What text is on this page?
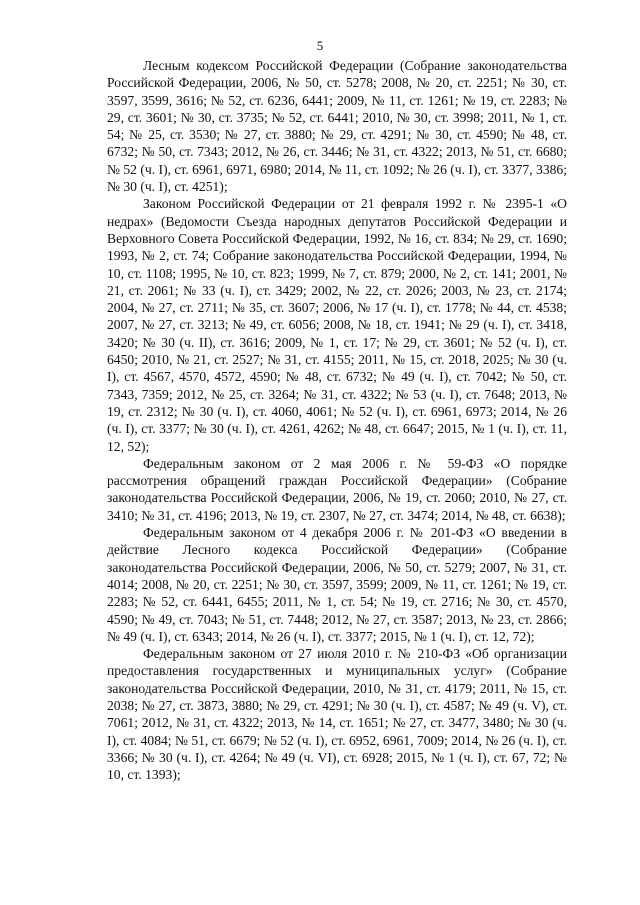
5

Лесным кодексом Российской Федерации (Собрание законодательства Российской Федерации, 2006, № 50, ст. 5278; 2008, № 20, ст. 2251; № 30, ст. 3597, 3599, 3616; № 52, ст. 6236, 6441; 2009, № 11, ст. 1261; № 19, ст. 2283; № 29, ст. 3601; № 30, ст. 3735; № 52, ст. 6441; 2010, № 30, ст. 3998; 2011, № 1, ст. 54; № 25, ст. 3530; № 27, ст. 3880; № 29, ст. 4291; № 30, ст. 4590; № 48, ст. 6732; № 50, ст. 7343; 2012, № 26, ст. 3446; № 31, ст. 4322; 2013, № 51, ст. 6680; № 52 (ч. I), ст. 6961, 6971, 6980; 2014, № 11, ст. 1092; № 26 (ч. I), ст. 3377, 3386; № 30 (ч. I), ст. 4251);

Законом Российской Федерации от 21 февраля 1992 г. № 2395-1 «О недрах» (Ведомости Съезда народных депутатов Российской Федерации и Верховного Совета Российской Федерации, 1992, № 16, ст. 834; № 29, ст. 1690; 1993, № 2, ст. 74; Собрание законодательства Российской Федерации, 1994, № 10, ст. 1108; 1995, № 10, ст. 823; 1999, № 7, ст. 879; 2000, № 2, ст. 141; 2001, № 21, ст. 2061; № 33 (ч. I), ст. 3429; 2002, № 22, ст. 2026; 2003, № 23, ст. 2174; 2004, № 27, ст. 2711; № 35, ст. 3607; 2006, № 17 (ч. I), ст. 1778; № 44, ст. 4538; 2007, № 27, ст. 3213; № 49, ст. 6056; 2008, № 18, ст. 1941; № 29 (ч. I), ст. 3418, 3420; № 30 (ч. II), ст. 3616; 2009, № 1, ст. 17; № 29, ст. 3601; № 52 (ч. I), ст. 6450; 2010, № 21, ст. 2527; № 31, ст. 4155; 2011, № 15, ст. 2018, 2025; № 30 (ч. I), ст. 4567, 4570, 4572, 4590; № 48, ст. 6732; № 49 (ч. I), ст. 7042; № 50, ст. 7343, 7359; 2012, № 25, ст. 3264; № 31, ст. 4322; № 53 (ч. I), ст. 7648; 2013, № 19, ст. 2312; № 30 (ч. I), ст. 4060, 4061; № 52 (ч. I), ст. 6961, 6973; 2014, № 26 (ч. I), ст. 3377; № 30 (ч. I), ст. 4261, 4262; № 48, ст. 6647; 2015, № 1 (ч. I), ст. 11, 12, 52);

Федеральным законом от 2 мая 2006 г. № 59-ФЗ «О порядке рассмотрения обращений граждан Российской Федерации» (Собрание законодательства Российской Федерации, 2006, № 19, ст. 2060; 2010, № 27, ст. 3410; № 31, ст. 4196; 2013, № 19, ст. 2307, № 27, ст. 3474; 2014, № 48, ст. 6638);

Федеральным законом от 4 декабря 2006 г. № 201-ФЗ «О введении в действие Лесного кодекса Российской Федерации» (Собрание законодательства Российской Федерации, 2006, № 50, ст. 5279; 2007, № 31, ст. 4014; 2008, № 20, ст. 2251; № 30, ст. 3597, 3599; 2009, № 11, ст. 1261; № 19, ст. 2283; № 52, ст. 6441, 6455; 2011, № 1, ст. 54; № 19, ст. 2716; № 30, ст. 4570, 4590; № 49, ст. 7043; № 51, ст. 7448; 2012, № 27, ст. 3587; 2013, № 23, ст. 2866; № 49 (ч. I), ст. 6343; 2014, № 26 (ч. I), ст. 3377; 2015, № 1 (ч. I), ст. 12, 72);

Федеральным законом от 27 июля 2010 г. № 210-ФЗ «Об организации предоставления государственных и муниципальных услуг» (Собрание законодательства Российской Федерации, 2010, № 31, ст. 4179; 2011, № 15, ст. 2038; № 27, ст. 3873, 3880; № 29, ст. 4291; № 30 (ч. I), ст. 4587; № 49 (ч. V), ст. 7061; 2012, № 31, ст. 4322; 2013, № 14, ст. 1651; № 27, ст. 3477, 3480; № 30 (ч. I), ст. 4084; № 51, ст. 6679; № 52 (ч. I), ст. 6952, 6961, 7009; 2014, № 26 (ч. I), ст. 3366; № 30 (ч. I), ст. 4264; № 49 (ч. VI), ст. 6928; 2015, № 1 (ч. I), ст. 67, 72; № 10, ст. 1393);
